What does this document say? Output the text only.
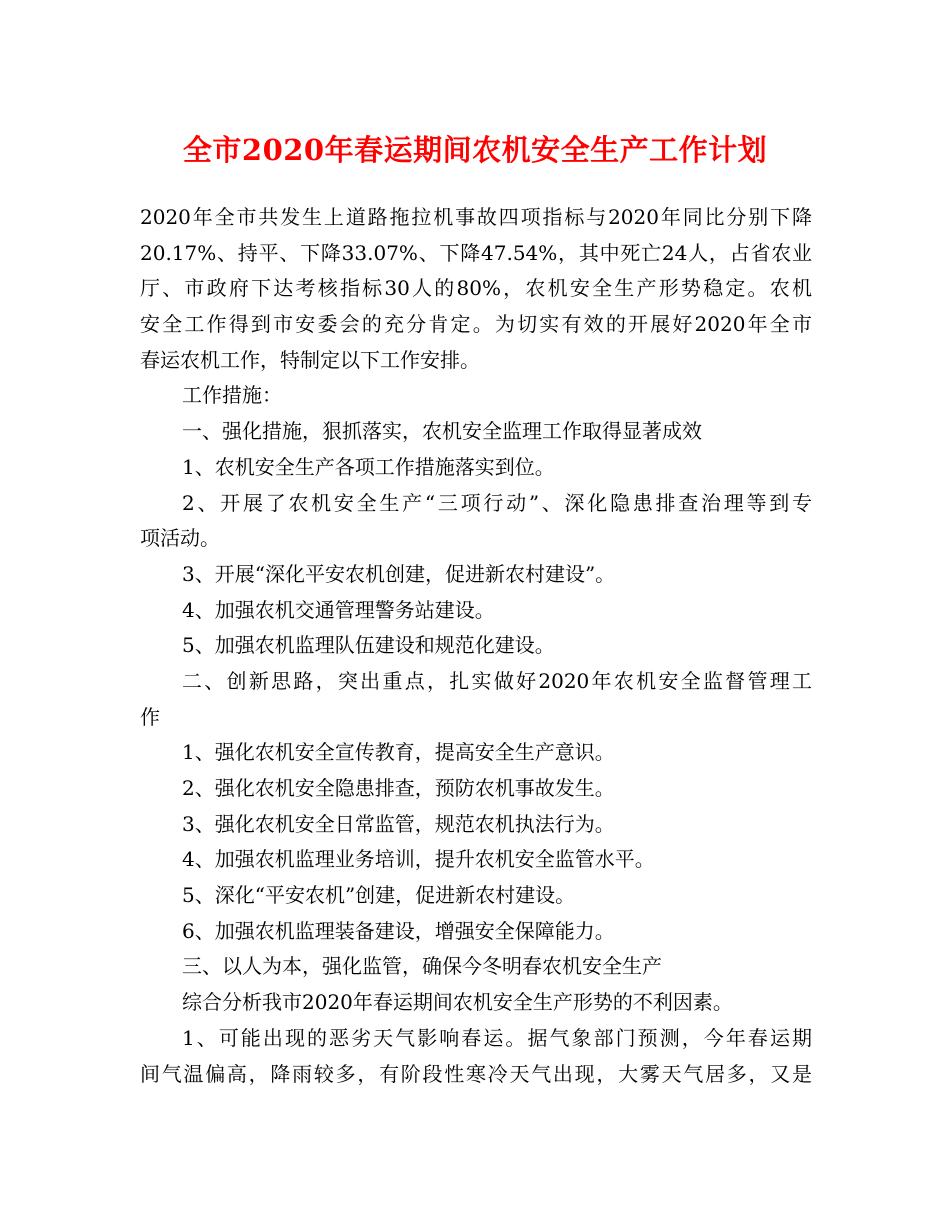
全市2020年春运期间农机安全生产工作计划
2020年全市共发生上道路拖拉机事故四项指标与2020年同比分别下降
20.17%、持平、下降33.07%、下降47.54%，其中死亡24人，占省农业
厅、市政府下达考核指标30人的80%，农机安全生产形势稳定。农机
安全工作得到市安委会的充分肯定。为切实有效的开展好2020年全市
春运农机工作，特制定以下工作安排。
工作措施：
一、强化措施，狠抓落实，农机安全监理工作取得显著成效
1、农机安全生产各项工作措施落实到位。
2、开展了农机安全生产“三项行动”、深化隐患排查治理等到专
项活动。
3、开展“深化平安农机创建，促进新农村建设”。
4、加强农机交通管理警务站建设。
5、加强农机监理队伍建设和规范化建设。
二、创新思路，突出重点，扎实做好2020年农机安全监督管理工
作
1、强化农机安全宣传教育，提高安全生产意识。
2、强化农机安全隐患排查，预防农机事故发生。
3、强化农机安全日常监管，规范农机执法行为。
4、加强农机监理业务培训，提升农机安全监管水平。
5、深化“平安农机”创建，促进新农村建设。
6、加强农机监理装备建设，增强安全保障能力。
三、以人为本，强化监管，确保今冬明春农机安全生产
综合分析我市2020年春运期间农机安全生产形势的不利因素。
1、可能出现的恶劣天气影响春运。据气象部门预测，今年春运期
间气温偏高，降雨较多，有阶段性寒冷天气出现，大雾天气居多，又是
